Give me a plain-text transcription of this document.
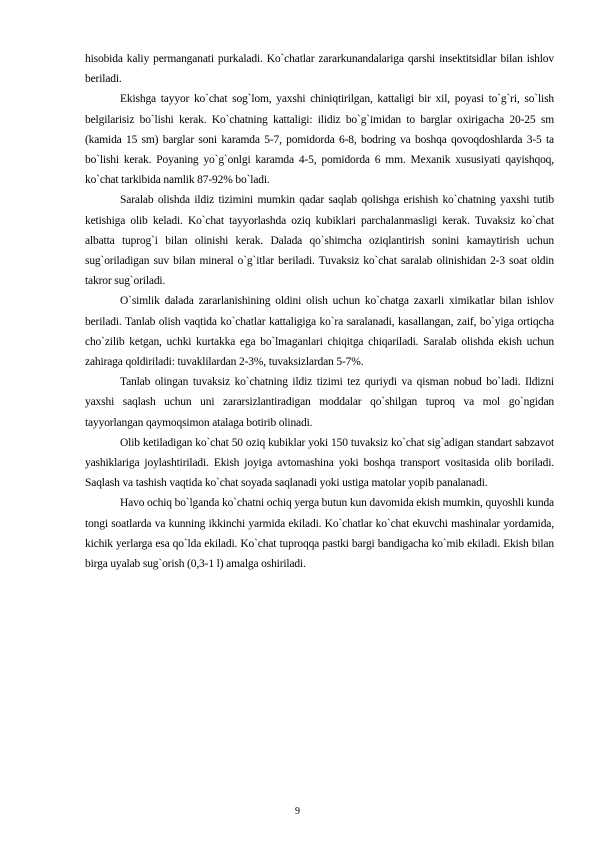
hisobida kaliy permanganati purkaladi. Ko`chatlar zararkunandalariga qarshi insektitsidlar bilan ishlov beriladi.

Ekishga tayyor ko`chat sog`lom, yaxshi chiniqtirilgan, kattaligi bir xil, poyasi to`g`ri, so`lish belgilarisiz bo`lishi kerak. Ko`chatning kattaligi: ilidiz bo`g`imidan to barglar oxirigacha 20-25 sm (kamida 15 sm) barglar soni karamda 5-7, pomidorda 6-8, bodring va boshqa qovoqdoshlarda 3-5 ta bo`lishi kerak. Poyaning yo`g`onlgi karamda 4-5, pomidorda 6 mm. Mexanik xususiyati qayishqoq, ko`chat tarkibida namlik 87-92% bo`ladi.

Saralab olishda ildiz tizimini mumkin qadar saqlab qolishga erishish ko`chatning yaxshi tutib ketishiga olib keladi. Ko`chat tayyorlashda oziq kubiklari parchalanmasligi kerak. Tuvaksiz ko`chat albatta tuprog`i bilan olinishi kerak. Dalada qo`shimcha oziqlantirish sonini kamaytirish uchun sug`oriladigan suv bilan mineral o`g`itlar beriladi. Tuvaksiz ko`chat saralab olinishidan 2-3 soat oldin takror sug`oriladi.

O`simlik dalada zararlanishining oldini olish uchun ko`chatga zaxarli ximikatlar bilan ishlov beriladi. Tanlab olish vaqtida ko`chatlar kattaligiga ko`ra saralanadi, kasallangan, zaif, bo`yiga ortiqcha cho`zilib ketgan, uchki kurtakka ega bo`lmaganlari chiqitga chiqariladi. Saralab olishda ekish uchun zahiraga qoldiriladi: tuvaklilardan 2-3%, tuvaksizlardan 5-7%.

Tanlab olingan tuvaksiz ko`chatning ildiz tizimi tez quriydi va qisman nobud bo`ladi. Ildizni yaxshi saqlash uchun uni zararsizlantiradigan moddalar qo`shilgan tuproq va mol go`ngidan tayyorlangan qaymoqsimon atalaga botirib olinadi.

Olib ketiladigan ko`chat 50 oziq kubiklar yoki 150 tuvaksiz ko`chat sig`adigan standart sabzavot yashiklariga joylashtiriladi. Ekish joyiga avtomashina yoki boshqa transport vositasida olib boriladi. Saqlash va tashish vaqtida ko`chat soyada saqlanadi yoki ustiga matolar yopib panalanadi.

Havo ochiq bo`lganda ko`chatni ochiq yerga butun kun davomida ekish mumkin, quyoshli kunda tongi soatlarda va kunning ikkinchi yarmida ekiladi. Ko`chatlar ko`chat ekuvchi mashinalar yordamida, kichik yerlarga esa qo`lda ekiladi. Ko`chat tuproqqa pastki bargi bandigacha ko`mib ekiladi. Ekish bilan birga uyalab sug`orish (0,3-1 l) amalga oshiriladi.

9
